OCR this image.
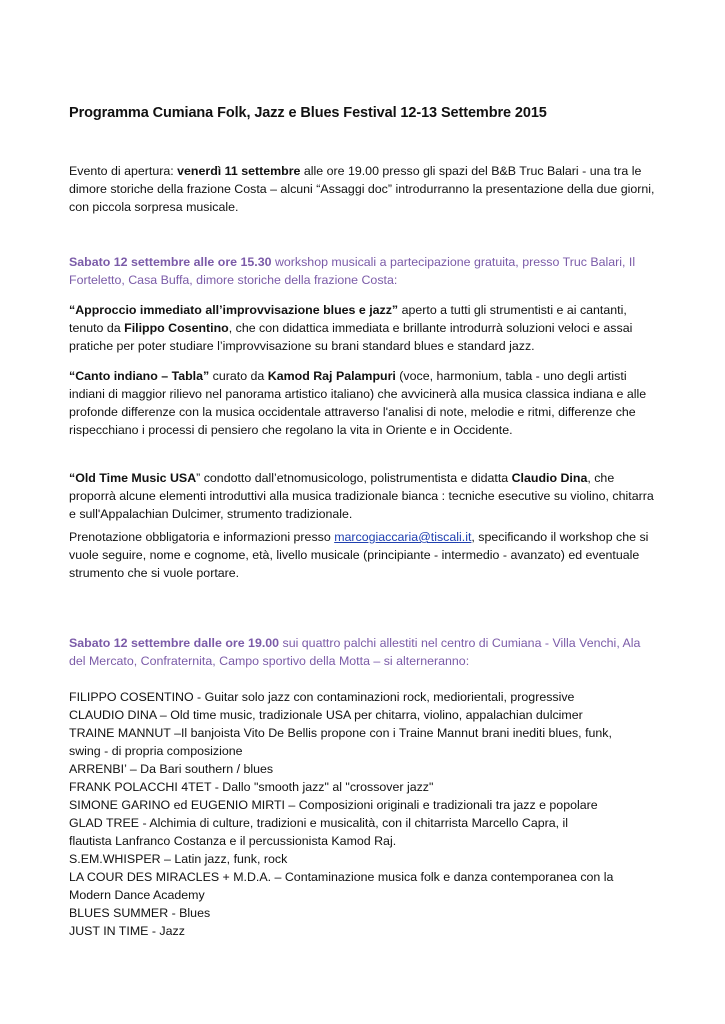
Programma Cumiana Folk, Jazz e Blues Festival 12-13 Settembre 2015
Evento di apertura: venerdì 11 settembre alle ore 19.00 presso gli spazi del B&B Truc Balari - una tra le dimore storiche della frazione Costa – alcuni “Assaggi doc” introdurranno la presentazione della due giorni, con piccola sorpresa musicale.
Sabato 12 settembre alle ore 15.30 workshop musicali a partecipazione gratuita, presso Truc Balari, Il Forteletto, Casa Buffa, dimore storiche della frazione Costa:
“Approccio immediato all’improvvisazione blues e jazz” aperto a tutti gli strumentisti e ai cantanti, tenuto da Filippo Cosentino, che con didattica immediata e brillante introdurrà soluzioni veloci e assai pratiche per poter studiare l’improvvisazione su brani standard blues e standard jazz.
“Canto indiano – Tabla” curato da Kamod Raj Palampuri (voce, harmonium, tabla - uno degli artisti indiani di maggior rilievo nel panorama artistico italiano) che avvicinerà alla musica classica indiana e alle profonde differenze con la musica occidentale attraverso l'analisi di note, melodie e ritmi, differenze che rispecchiano i processi di pensiero che regolano la vita in Oriente e in Occidente.
“Old Time Music USA” condotto dall’etnomusicologo, polistrumentista e didatta Claudio Dina, che proporrà alcune elementi introduttivi alla musica tradizionale bianca : tecniche esecutive su violino, chitarra e sull'Appalachian Dulcimer, strumento tradizionale.
Prenotazione obbligatoria e informazioni presso marcogiaccaria@tiscali.it, specificando il workshop che si vuole seguire, nome e cognome, età, livello musicale (principiante - intermedio - avanzato) ed eventuale strumento che si vuole portare.
Sabato 12 settembre dalle ore 19.00 sui quattro palchi allestiti nel centro di Cumiana - Villa Venchi, Ala del Mercato, Confraternita, Campo sportivo della Motta – si alterneranno:
FILIPPO COSENTINO - Guitar solo jazz con contaminazioni rock, mediorientali, progressive
CLAUDIO DINA – Old time music, tradizionale USA per chitarra, violino, appalachian dulcimer
TRAINE MANNUT –Il banjoista Vito De Bellis propone con i Traine Mannut brani inediti blues, funk,
swing - di propria composizione
ARRENBI’ – Da Bari southern / blues
FRANK POLACCHI 4TET - Dallo "smooth jazz" al "crossover jazz"
SIMONE GARINO ed EUGENIO MIRTI – Composizioni originali e tradizionali tra jazz e popolare
GLAD TREE - Alchimia di culture, tradizioni e musicalità, con il chitarrista Marcello Capra, il
flautista Lanfranco Costanza e il percussionista Kamod Raj.
S.EM.WHISPER – Latin jazz, funk, rock
LA COUR DES MIRACLES + M.D.A. – Contaminazione musica folk e danza contemporanea con la
Modern Dance Academy
BLUES SUMMER - Blues
JUST IN TIME - Jazz
